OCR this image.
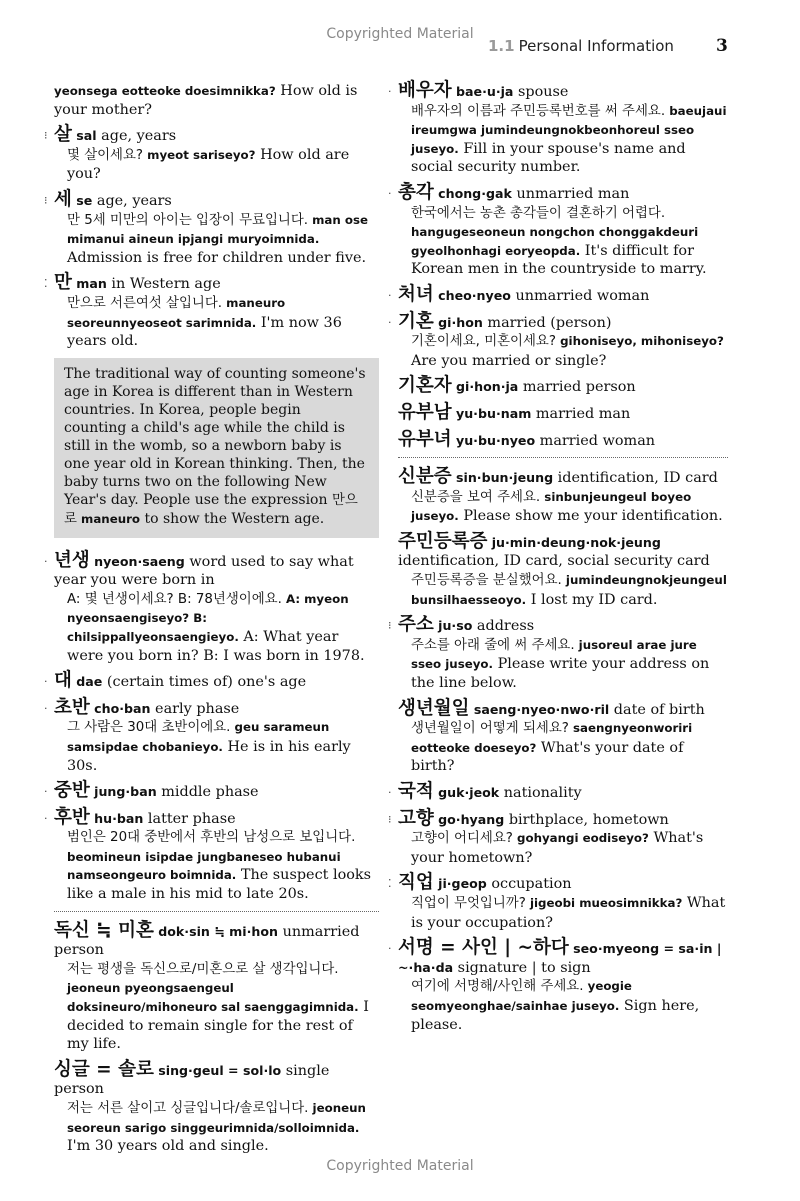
Copyrighted Material
1.1 Personal Information 3
yeonsega eotteoke doesimnikka? How old is your mother?
⁝ 살 sal age, years
몇 살이세요? myeot sariseyo? How old are you?
⁝ 세 se age, years
만 5세 미만의 아이는 입장이 무료입니다. man ose mimanui aineun ipjangi muryoimnida. Admission is free for children under five.
⁚ 만 man in Western age
만으로 서른여섯 살입니다. maneuro seoreunnyeoseot sarimnida. I'm now 36 years old.
The traditional way of counting someone's age in Korea is different than in Western countries. In Korea, people begin counting a child's age while the child is still in the womb, so a newborn baby is one year old in Korean thinking. Then, the baby turns two on the following New Year's day. People use the expression 만으로 maneuro to show the Western age.
· 년생 nyeon·saeng word used to say what year you were born in
A: 몇 년생이세요? B: 78년생이에요. A: myeon nyeonsaengiseyo? B: chilsippallyeonsaengieyo. A: What year were you born in? B: I was born in 1978.
· 대 dae (certain times of) one's age
· 초반 cho·ban early phase
그 사람은 30대 초반이에요. geu sarameun samsipdae chobanieyo. He is in his early 30s.
· 중반 jung·ban middle phase
· 후반 hu·ban latter phase
범인은 20대 중반에서 후반의 남성으로 보입니다. beomineun isipdae jungbaneseo hubanui namseongeuro boimnida. The suspect looks like a male in his mid to late 20s.
독신 ≒ 미혼 dok·sin ≒ mi·hon unmarried person
저는 평생을 독신으로/미혼으로 살 생각입니다. jeoneun pyeongsaengeul doksineuro/mihoneuro sal saenggagimnida. I decided to remain single for the rest of my life.
싱글 = 솔로 sing·geul = sol·lo single person
저는 서른 살이고 싱글입니다/솔로입니다. jeoneun seoreun sarigo singgeurimnida/solloimnida. I'm 30 years old and single.
· 배우자 bae·u·ja spouse
배우자의 이름과 주민등록번호를 써 주세요. baeujaui ireumgwa jumindeungnokbeonhoreul sseo juseyo. Fill in your spouse's name and social security number.
· 총각 chong·gak unmarried man
한국에서는 농촌 총각들이 결혼하기 어렵다. hangugeseoneun nongchon chonggakdeuri gyeolhonhagi eoryeopda. It's difficult for Korean men in the countryside to marry.
· 처녀 cheo·nyeo unmarried woman
· 기혼 gi·hon married (person)
기혼이세요, 미혼이세요? gihoniseyo, mihoniseyo? Are you married or single?
기혼자 gi·hon·ja married person
유부남 yu·bu·nam married man
유부녀 yu·bu·nyeo married woman
신분증 sin·bun·jeung identification, ID card
신분증을 보여 주세요. sinbunjeungeul boyeo juseyo. Please show me your identification.
주민등록증 ju·min·deung·nok·jeung identification, ID card, social security card
주민등록증을 분실했어요. jumindeungnokjeungeul bunsilhaesseoyo. I lost my ID card.
⁝ 주소 ju·so address
주소를 아래 줄에 써 주세요. jusoreul arae jure sseo juseyo. Please write your address on the line below.
생년월일 saeng·nyeo·nwo·ril date of birth
생년월일이 어떻게 되세요? saengnyeonworiri eotteoke doeseyo? What's your date of birth?
· 국적 guk·jeok nationality
⁝ 고향 go·hyang birthplace, hometown
고향이 어디세요? gohyangi eodiseyo? What's your hometown?
⁚ 직업 ji·geop occupation
직업이 무엇입니까? jigeobi mueosimnikka? What is your occupation?
· 서명 = 사인 | ~하다 seo·myeong = sa·in | ~·ha·da signature | to sign
여기에 서명해/사인해 주세요. yeogie seomyeonghae/sainhae juseyo. Sign here, please.
Copyrighted Material
